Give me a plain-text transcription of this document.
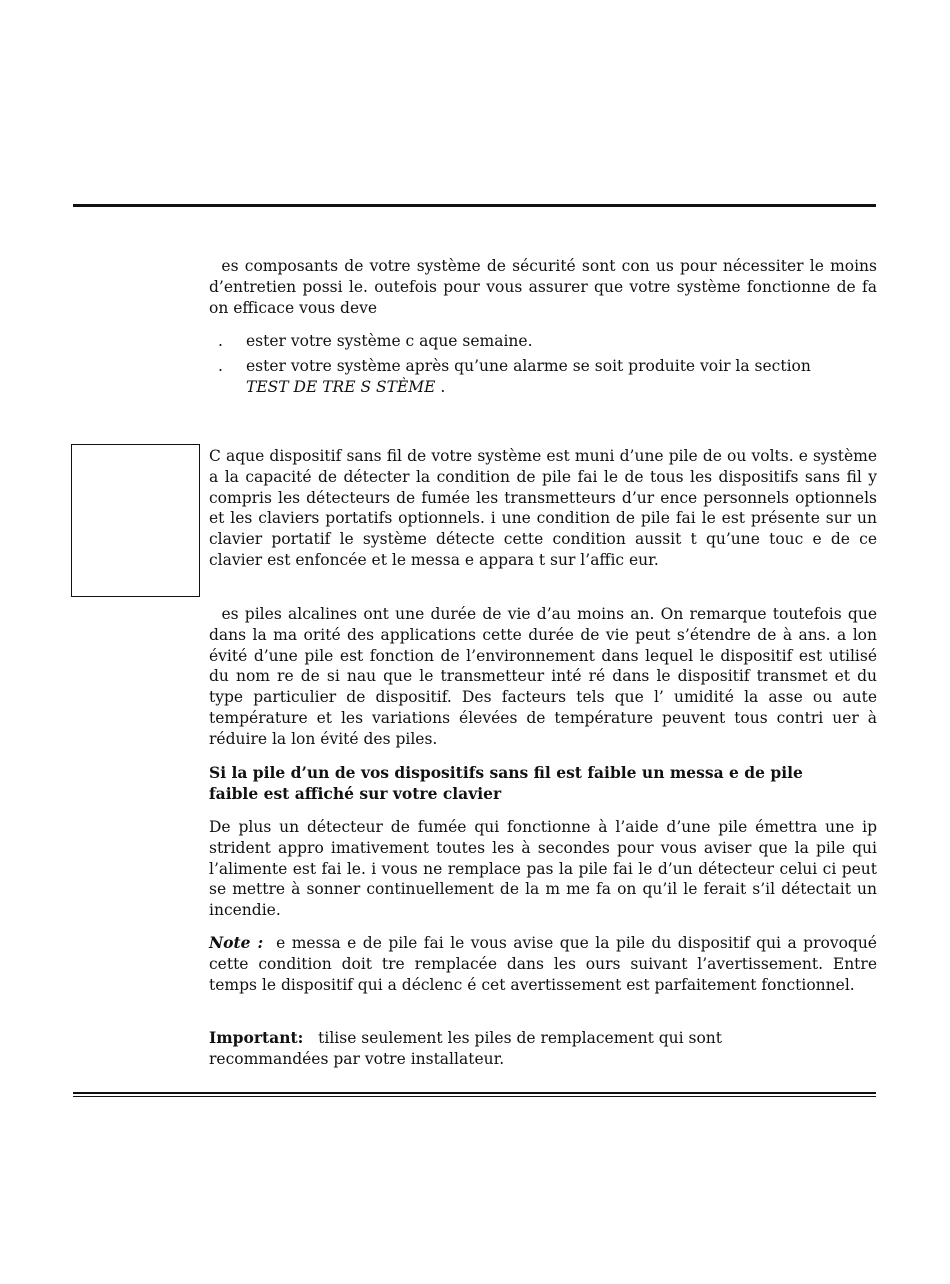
es composants de votre système de sécurité sont con us pour nécessiter le moins d’entretien possi le. outefois pour vous assurer que votre système fonctionne de fa on efficace vous deve

. ester votre système c aque semaine.

. ester votre système après qu’une alarme se soit produite voir la section
TEST DE TRE S STÈME .

C aque dispositif sans fil de votre système est muni d’une pile de ou volts. e système a la capacité de détecter la condition de pile fai le de tous les dispositifs sans fil y compris les détecteurs de fumée les transmetteurs d’ur ence personnels optionnels et les claviers portatifs optionnels. i une condition de pile fai le est présente sur un clavier portatif le système détecte cette condition aussit t qu’une touc e de ce clavier est enfoncée et le messa e appara t sur l’affic eur.

es piles alcalines ont une durée de vie d’au moins an. On remarque toutefois que dans la ma orité des applications cette durée de vie peut s’étendre de à ans. a lon évité d’une pile est fonction de l’environnement dans lequel le dispositif est utilisé du nom re de si nau que le transmetteur inté ré dans le dispositif transmet et du type particulier de dispositif. Des facteurs tels que l’ umidité la asse ou aute température et les variations élevées de température peuvent tous contri uer à réduire la lon évité des piles.

Si la pile d’un de vos dispositifs sans fil est faible un messa e de pile faible est affiché sur votre clavier

De plus un détecteur de fumée qui fonctionne à l’aide d’une pile émettra une ip strident appro imativement toutes les à secondes pour vous aviser que la pile qui l’alimente est fai le. i vous ne remplace pas la pile fai le d’un détecteur celui ci peut se mettre à sonner continuellement de la m me fa on qu’il le ferait s’il détectait un incendie.

Note : e messa e de pile fai le vous avise que la pile du dispositif qui a provoqué cette condition doit tre remplacée dans les ours suivant l’avertissement. Entre temps le dispositif qui a déclenc é cet avertissement est parfaitement fonctionnel.

Important: tilise seulement les piles de remplacement qui sont recommandées par votre installateur.
